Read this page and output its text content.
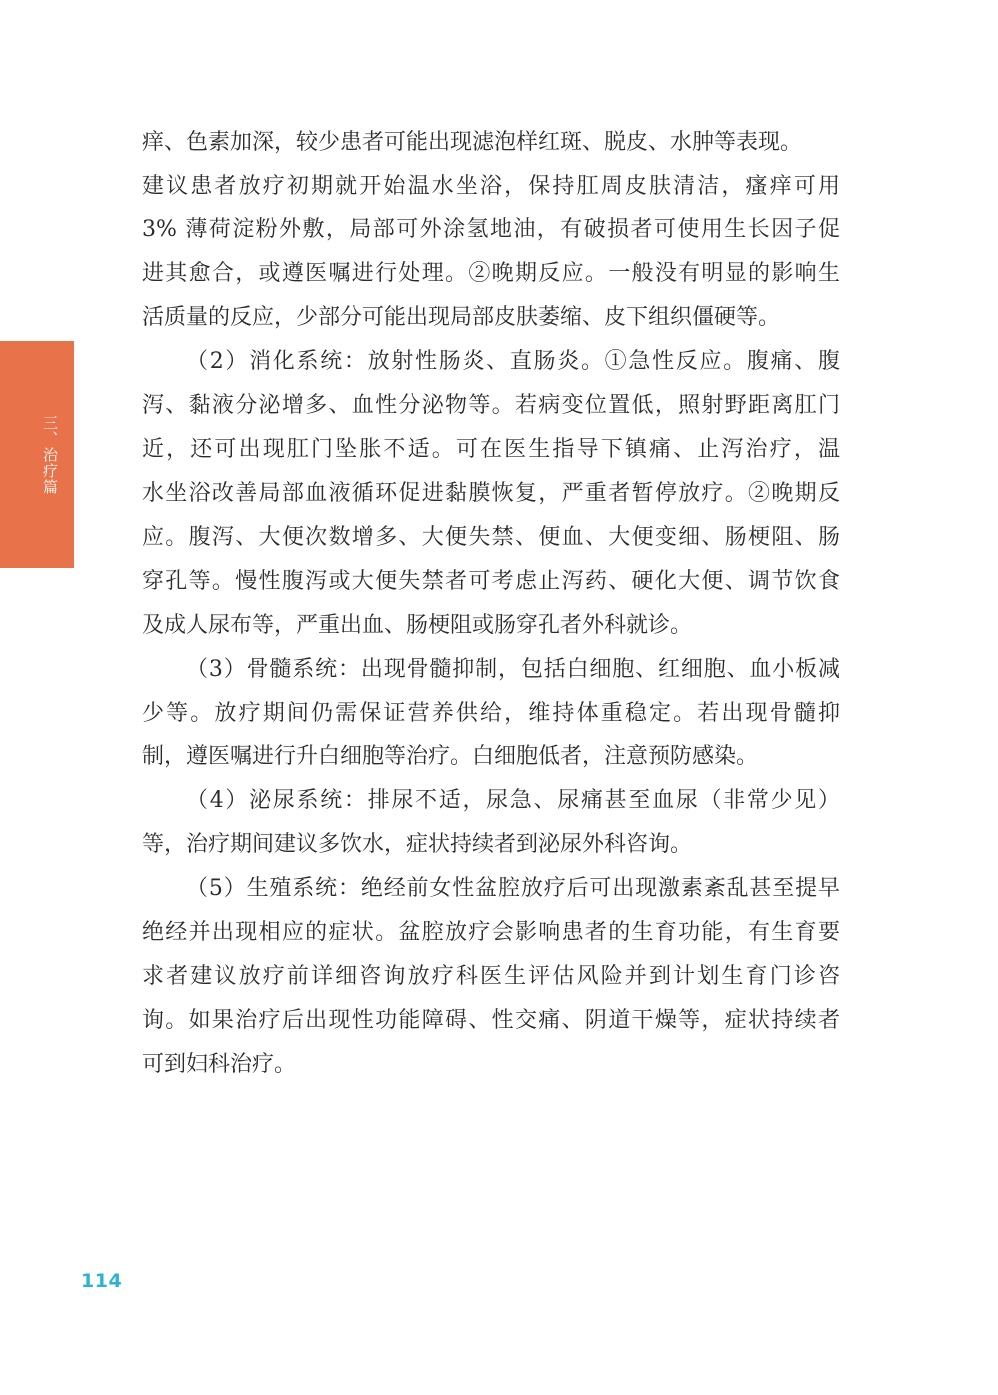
三、治疗篇
痒、色素加深，较少患者可能出现滤泡样红斑、脱皮、水肿等表现。
建议患者放疗初期就开始温水坐浴，保持肛周皮肤清洁，瘙痒可用
3% 薄荷淀粉外敷，局部可外涂氢地油，有破损者可使用生长因子促
进其愈合，或遵医嘱进行处理。②晚期反应。一般没有明显的影响生
活质量的反应，少部分可能出现局部皮肤萎缩、皮下组织僵硬等。
（2）消化系统：放射性肠炎、直肠炎。①急性反应。腹痛、腹
泻、黏液分泌增多、血性分泌物等。若病变位置低，照射野距离肛门
近，还可出现肛门坠胀不适。可在医生指导下镇痛、止泻治疗，温
水坐浴改善局部血液循环促进黏膜恢复，严重者暂停放疗。②晚期反
应。腹泻、大便次数增多、大便失禁、便血、大便变细、肠梗阻、肠
穿孔等。慢性腹泻或大便失禁者可考虑止泻药、硬化大便、调节饮食
及成人尿布等，严重出血、肠梗阻或肠穿孔者外科就诊。
（3）骨髓系统：出现骨髓抑制，包括白细胞、红细胞、血小板减
少等。放疗期间仍需保证营养供给，维持体重稳定。若出现骨髓抑
制，遵医嘱进行升白细胞等治疗。白细胞低者，注意预防感染。
（4）泌尿系统：排尿不适，尿急、尿痛甚至血尿（非常少见）
等，治疗期间建议多饮水，症状持续者到泌尿外科咨询。
（5）生殖系统：绝经前女性盆腔放疗后可出现激素紊乱甚至提早
绝经并出现相应的症状。盆腔放疗会影响患者的生育功能，有生育要
求者建议放疗前详细咨询放疗科医生评估风险并到计划生育门诊咨
询。如果治疗后出现性功能障碍、性交痛、阴道干燥等，症状持续者
可到妇科治疗。
114
